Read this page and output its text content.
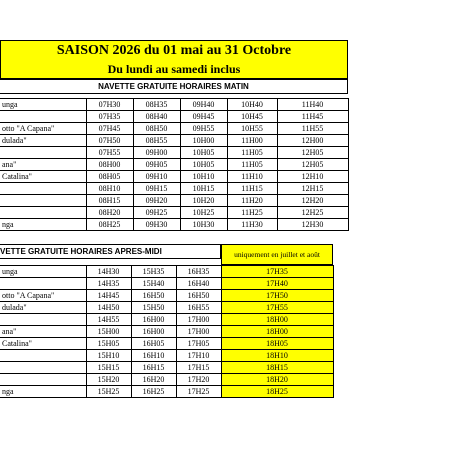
SAISON 2026 du 01 mai au 31 Octobre
Du lundi au samedi inclus
NAVETTE GRATUITE HORAIRES MATIN
unga	07H30	08H35	09H40	10H40	11H40
	07H35	08H40	09H45	10H45	11H45
otto "A Capana"	07H45	08H50	09H55	10H55	11H55
dulada"	07H50	08H55	10H00	11H00	12H00
	07H55	09H00	10H05	11H05	12H05
ana"	08H00	09H05	10H05	11H05	12H05
Catalina"	08H05	09H10	10H10	11H10	12H10
	08H10	09H15	10H15	11H15	12H15
	08H15	09H20	10H20	11H20	12H20
	08H20	09H25	10H25	11H25	12H25
nga	08H25	09H30	10H30	11H30	12H30
VETTE GRATUITE HORAIRES APRES-MIDI	uniquement en juillet et août
unga	14H30	15H35	16H35	17H35
	14H35	15H40	16H40	17H40
otto "A Capana"	14H45	16H50	16H50	17H50
dulada"	14H50	15H50	16H55	17H55
	14H55	16H00	17H00	18H00
ana"	15H00	16H00	17H00	18H00
Catalina"	15H05	16H05	17H05	18H05
	15H10	16H10	17H10	18H10
	15H15	16H15	17H15	18H15
	15H20	16H20	17H20	18H20
nga	15H25	16H25	17H25	18H25
